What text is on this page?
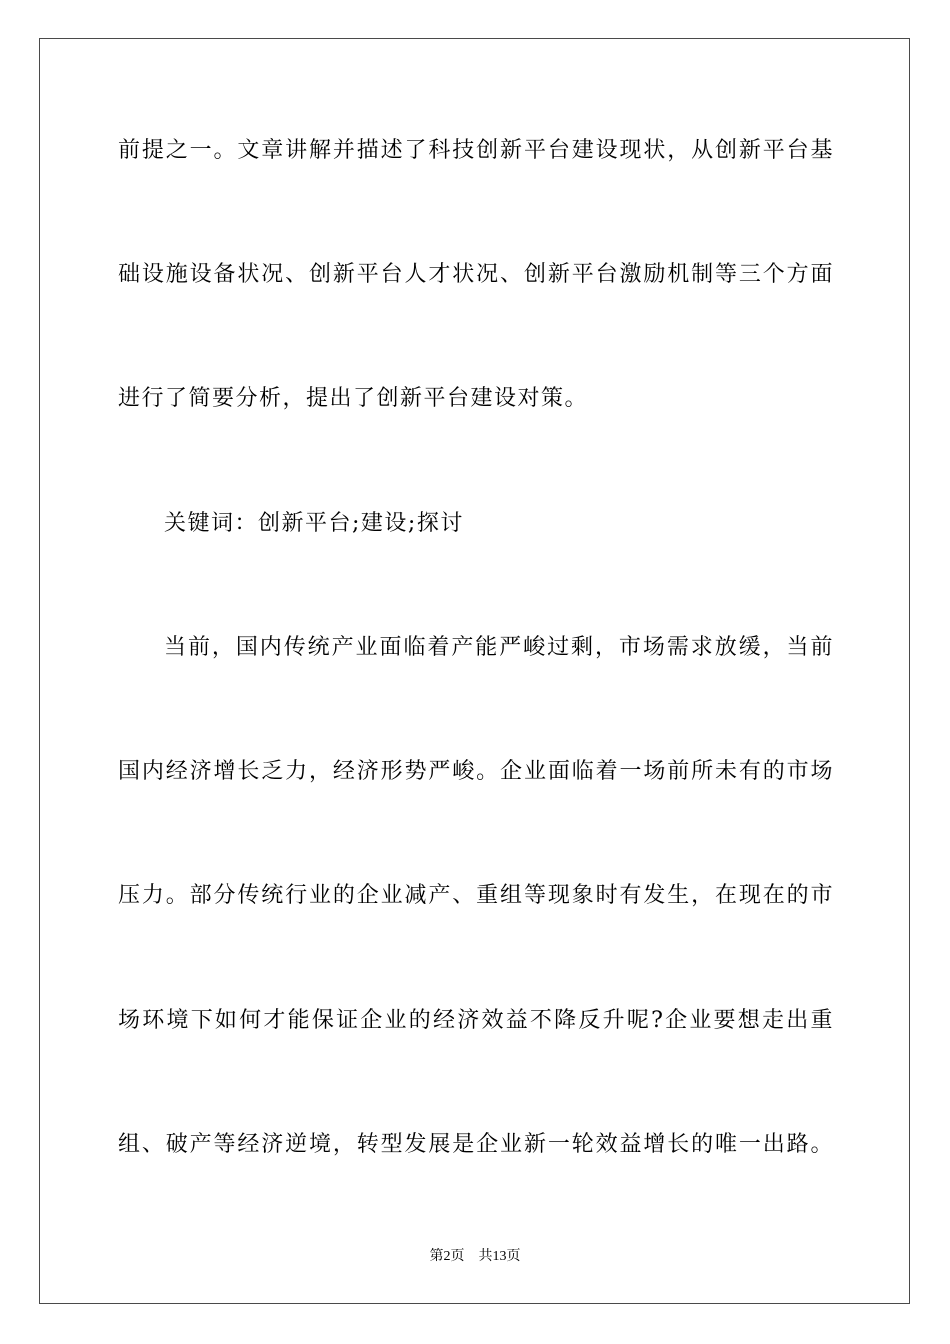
前提之一。文章讲解并描述了科技创新平台建设现状，从创新平台基
础设施设备状况、创新平台人才状况、创新平台激励机制等三个方面
进行了简要分析，提出了创新平台建设对策。
关键词：创新平台;建设;探讨
当前，国内传统产业面临着产能严峻过剩，市场需求放缓，当前
国内经济增长乏力，经济形势严峻。企业面临着一场前所未有的市场
压力。部分传统行业的企业减产、重组等现象时有发生，在现在的市
场环境下如何才能保证企业的经济效益不降反升呢?企业要想走出重
组、破产等经济逆境，转型发展是企业新一轮效益增长的唯一出路。
第2页 共13页
